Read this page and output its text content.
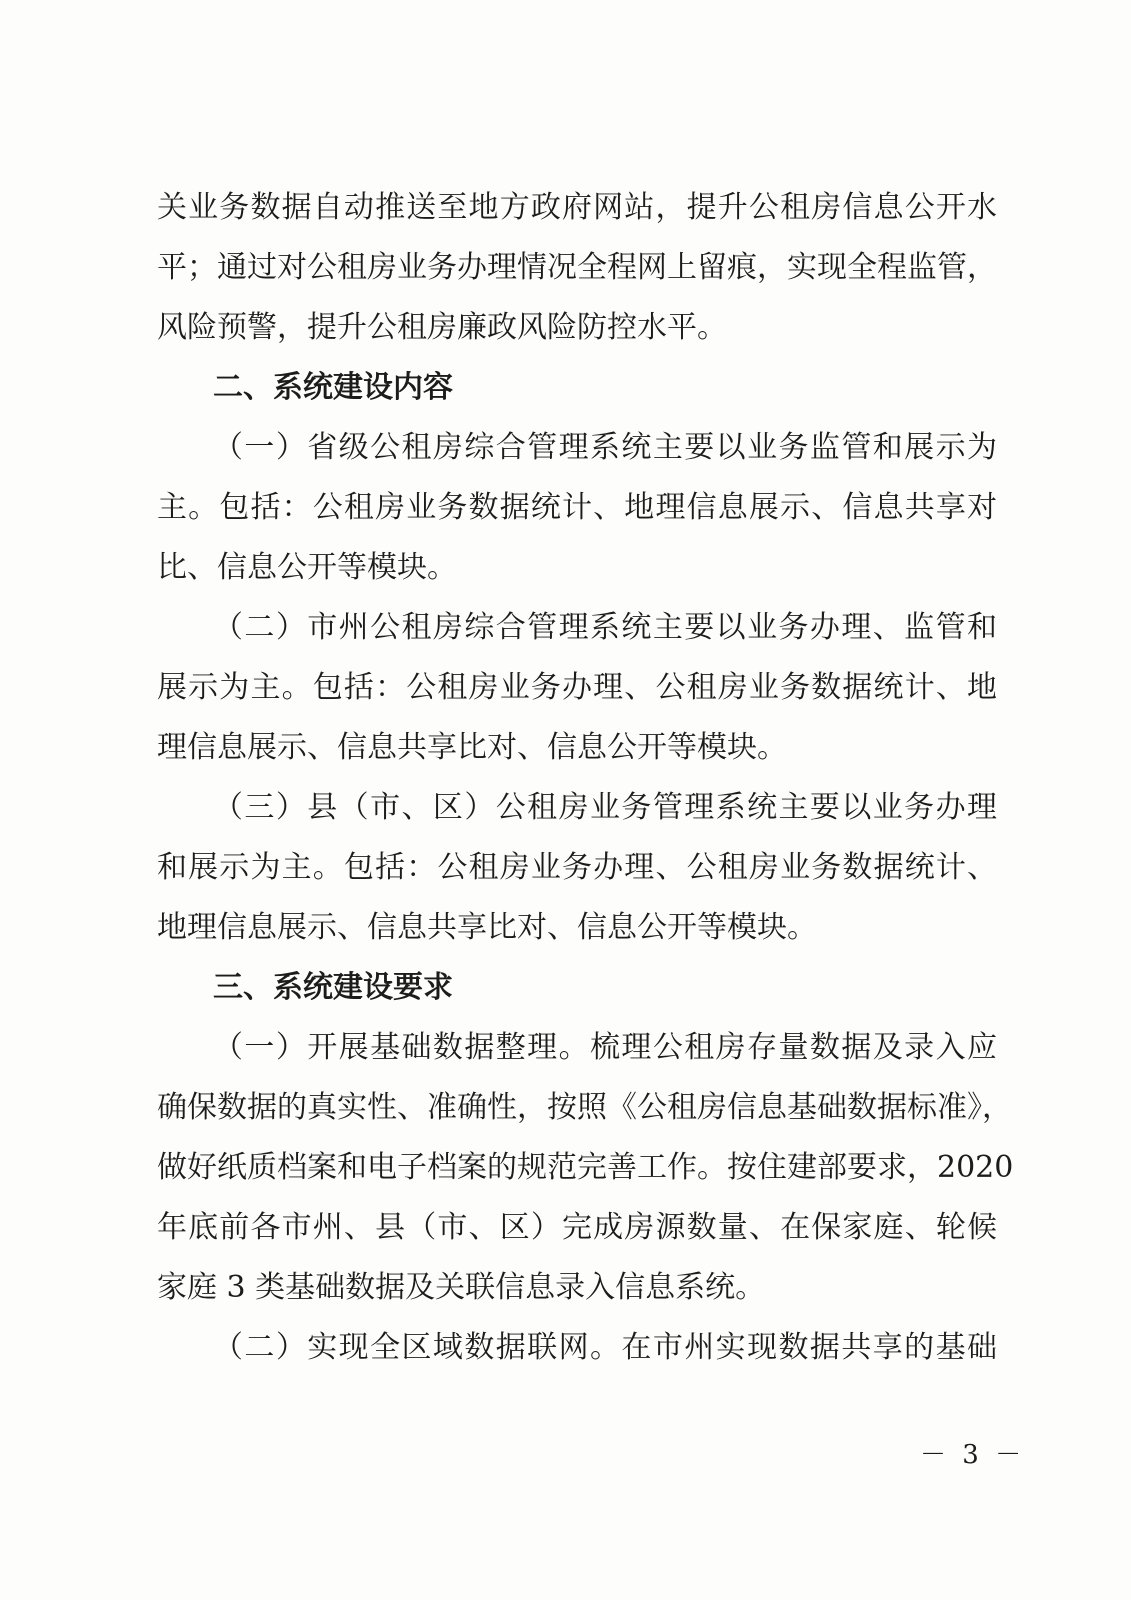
关业务数据自动推送至地方政府网站，提升公租房信息公开水
平；通过对公租房业务办理情况全程网上留痕，实现全程监管，
风险预警，提升公租房廉政风险防控水平。
二、系统建设内容
（一）省级公租房综合管理系统主要以业务监管和展示为
主。包括：公租房业务数据统计、地理信息展示、信息共享对
比、信息公开等模块。
（二）市州公租房综合管理系统主要以业务办理、监管和
展示为主。包括：公租房业务办理、公租房业务数据统计、地
理信息展示、信息共享比对、信息公开等模块。
（三）县（市、区）公租房业务管理系统主要以业务办理
和展示为主。包括：公租房业务办理、公租房业务数据统计、
地理信息展示、信息共享比对、信息公开等模块。
三、系统建设要求
（一）开展基础数据整理。梳理公租房存量数据及录入应
确保数据的真实性、准确性，按照《公租房信息基础数据标准》，
做好纸质档案和电子档案的规范完善工作。按住建部要求，2020
年底前各市州、县（市、区）完成房源数量、在保家庭、轮候
家庭 3 类基础数据及关联信息录入信息系统。
（二）实现全区域数据联网。在市州实现数据共享的基础
－ 3 －
